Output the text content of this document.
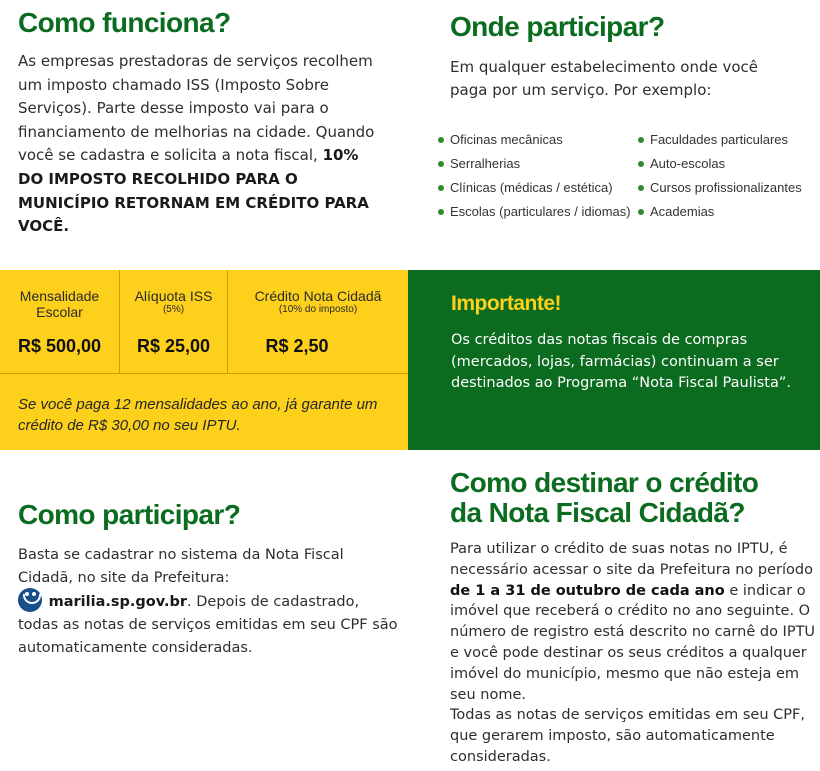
Como funciona?

As empresas prestadoras de serviços recolhem um imposto chamado ISS (Imposto Sobre Serviços). Parte desse imposto vai para o financiamento de melhorias na cidade. Quando você se cadastra e solicita a nota fiscal, 10% DO IMPOSTO RECOLHIDO PARA O MUNICÍPIO RETORNAM EM CRÉDITO PARA VOCÊ.

Onde participar?

Em qualquer estabelecimento onde você paga por um serviço. Por exemplo:

Oficinas mecânicas
Serralherias
Clínicas (médicas / estética)
Escolas (particulares / idiomas)
Faculdades particulares
Auto-escolas
Cursos profissionalizantes
Academias
Mensalidade
Escolar
R$ 500,00
Alíquota ISS
(5%)
R$ 25,00
Crédito Nota Cidadã
(10% do imposto)
R$ 2,50

Se você paga 12 mensalidades ao ano, já garante um crédito de R$ 30,00 no seu IPTU.

Importante!

Os créditos das notas fiscais de compras (mercados, lojas, farmácias) continuam a ser destinados ao Programa “Nota Fiscal Paulista”.

Como participar?

Basta se cadastrar no sistema da Nota Fiscal Cidadã, no site da Prefeitura:
marilia.sp.gov.br. Depois de cadastrado, todas as notas de serviços emitidas em seu CPF são automaticamente consideradas.

Como destinar o crédito
da Nota Fiscal Cidadã?

Para utilizar o crédito de suas notas no IPTU, é necessário acessar o site da Prefeitura no período de 1 a 31 de outubro de cada ano e indicar o imóvel que receberá o crédito no ano seguinte. O número de registro está descrito no carnê do IPTU e você pode destinar os seus créditos a qualquer imóvel do município, mesmo que não esteja em seu nome.
Todas as notas de serviços emitidas em seu CPF, que gerarem imposto, são automaticamente consideradas.
